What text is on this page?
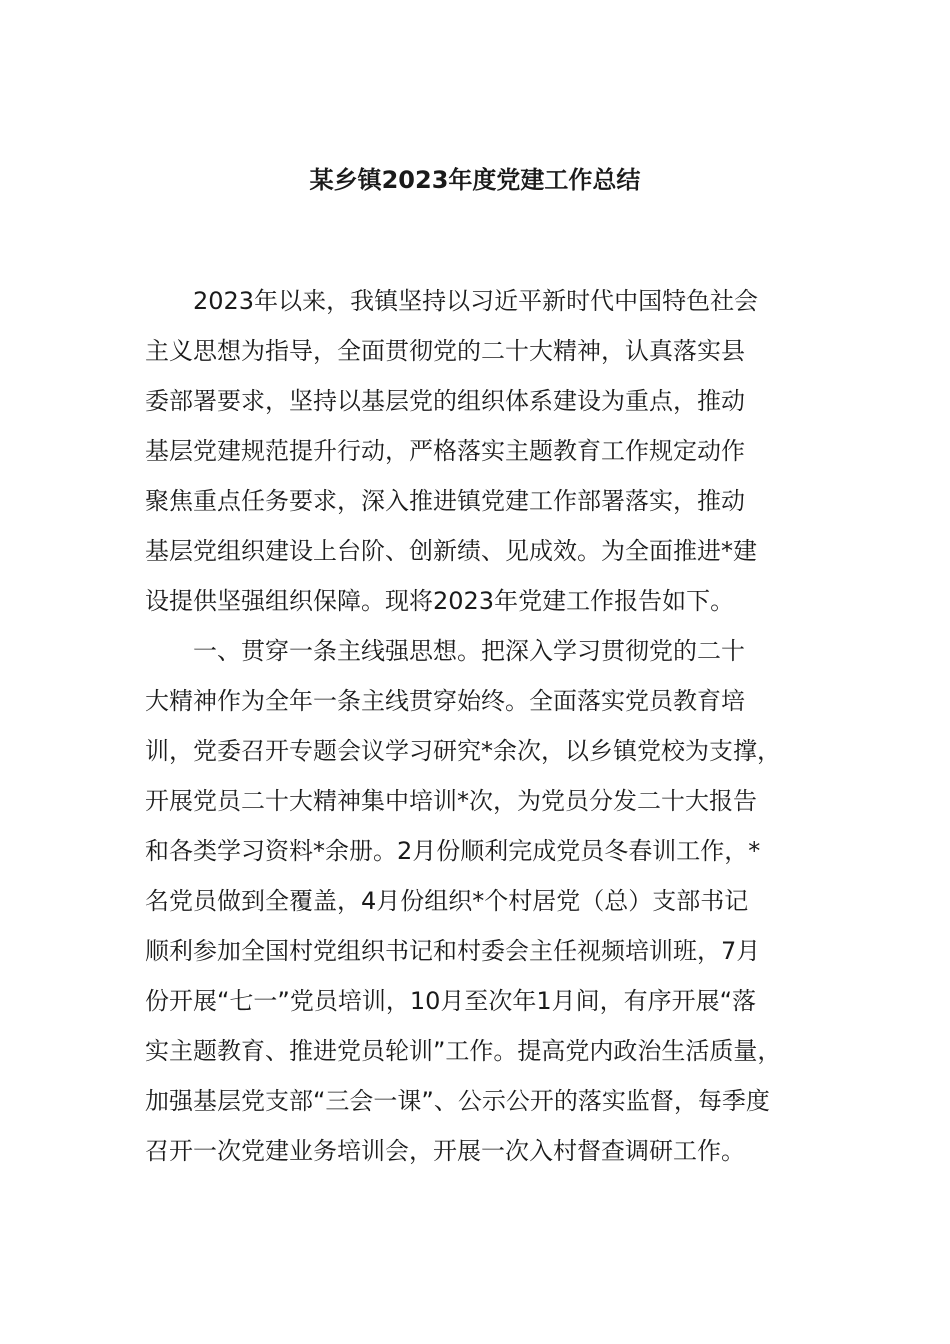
某乡镇2023年度党建工作总结

2023年以来，我镇坚持以习近平新时代中国特色社会
主义思想为指导，全面贯彻党的二十大精神，认真落实县
委部署要求，坚持以基层党的组织体系建设为重点，推动
基层党建规范提升行动，严格落实主题教育工作规定动作
聚焦重点任务要求，深入推进镇党建工作部署落实，推动
基层党组织建设上台阶、创新绩、见成效。为全面推进*建
设提供坚强组织保障。现将2023年党建工作报告如下。

一、贯穿一条主线强思想。把深入学习贯彻党的二十
大精神作为全年一条主线贯穿始终。全面落实党员教育培
训，党委召开专题会议学习研究*余次，以乡镇党校为支撑，
开展党员二十大精神集中培训*次，为党员分发二十大报告
和各类学习资料*余册。2月份顺利完成党员冬春训工作，*
名党员做到全覆盖，4月份组织*个村居党（总）支部书记
顺利参加全国村党组织书记和村委会主任视频培训班，7月
份开展“七一”党员培训，10月至次年1月间，有序开展“落
实主题教育、推进党员轮训”工作。提高党内政治生活质量，
加强基层党支部“三会一课”、公示公开的落实监督，每季度
召开一次党建业务培训会，开展一次入村督查调研工作。
